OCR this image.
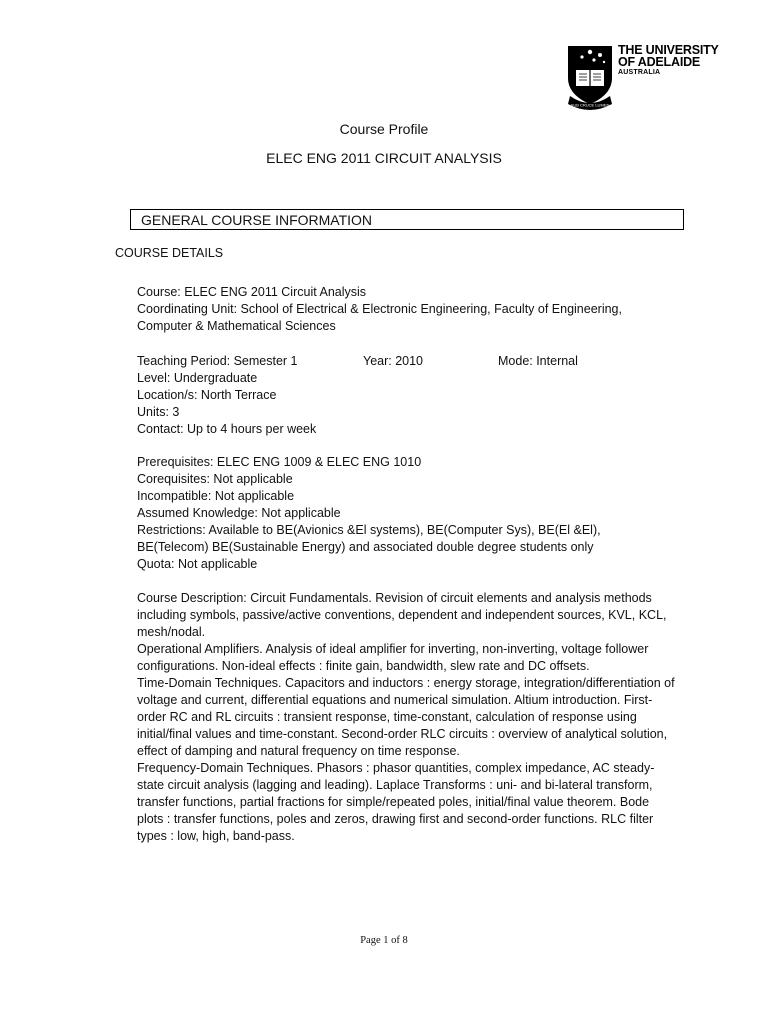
SUB CRUCE LUMEN
THE UNIVERSITY
OF ADELAIDE
AUSTRALIA
Course Profile
ELEC ENG 2011 CIRCUIT ANALYSIS
GENERAL COURSE INFORMATION
COURSE DETAILS

Course: ELEC ENG 2011 Circuit Analysis

Coordinating Unit: School of Electrical & Electronic Engineering, Faculty of Engineering,

Computer & Mathematical Sciences

Teaching Period: Semester 1	Year: 2010	Mode: Internal

Level: Undergraduate

Location/s: North Terrace

Units: 3

Contact: Up to 4 hours per week

Prerequisites: ELEC ENG 1009 & ELEC ENG 1010

Corequisites: Not applicable

Incompatible: Not applicable

Assumed Knowledge: Not applicable

Restrictions: Available to BE(Avionics &El systems), BE(Computer Sys), BE(El &El),

BE(Telecom) BE(Sustainable Energy) and associated double degree students only

Quota: Not applicable

Course Description: Circuit Fundamentals. Revision of circuit elements and analysis methods

including symbols, passive/active conventions, dependent and independent sources, KVL, KCL,

mesh/nodal.

Operational Amplifiers. Analysis of ideal amplifier for inverting, non-inverting, voltage follower

configurations. Non-ideal effects : finite gain, bandwidth, slew rate and DC offsets.

Time-Domain Techniques. Capacitors and inductors : energy storage, integration/differentiation of

voltage and current, differential equations and numerical simulation. Altium introduction. First-

order RC and RL circuits : transient response, time-constant, calculation of response using

initial/final values and time-constant. Second-order RLC circuits : overview of analytical solution,

effect of damping and natural frequency on time response.

Frequency-Domain Techniques. Phasors : phasor quantities, complex impedance, AC steady-

state circuit analysis (lagging and leading). Laplace Transforms : uni- and bi-lateral transform,

transfer functions, partial fractions for simple/repeated poles, initial/final value theorem. Bode

plots : transfer functions, poles and zeros, drawing first and second-order functions. RLC filter

types : low, high, band-pass.

Page 1 of 8
